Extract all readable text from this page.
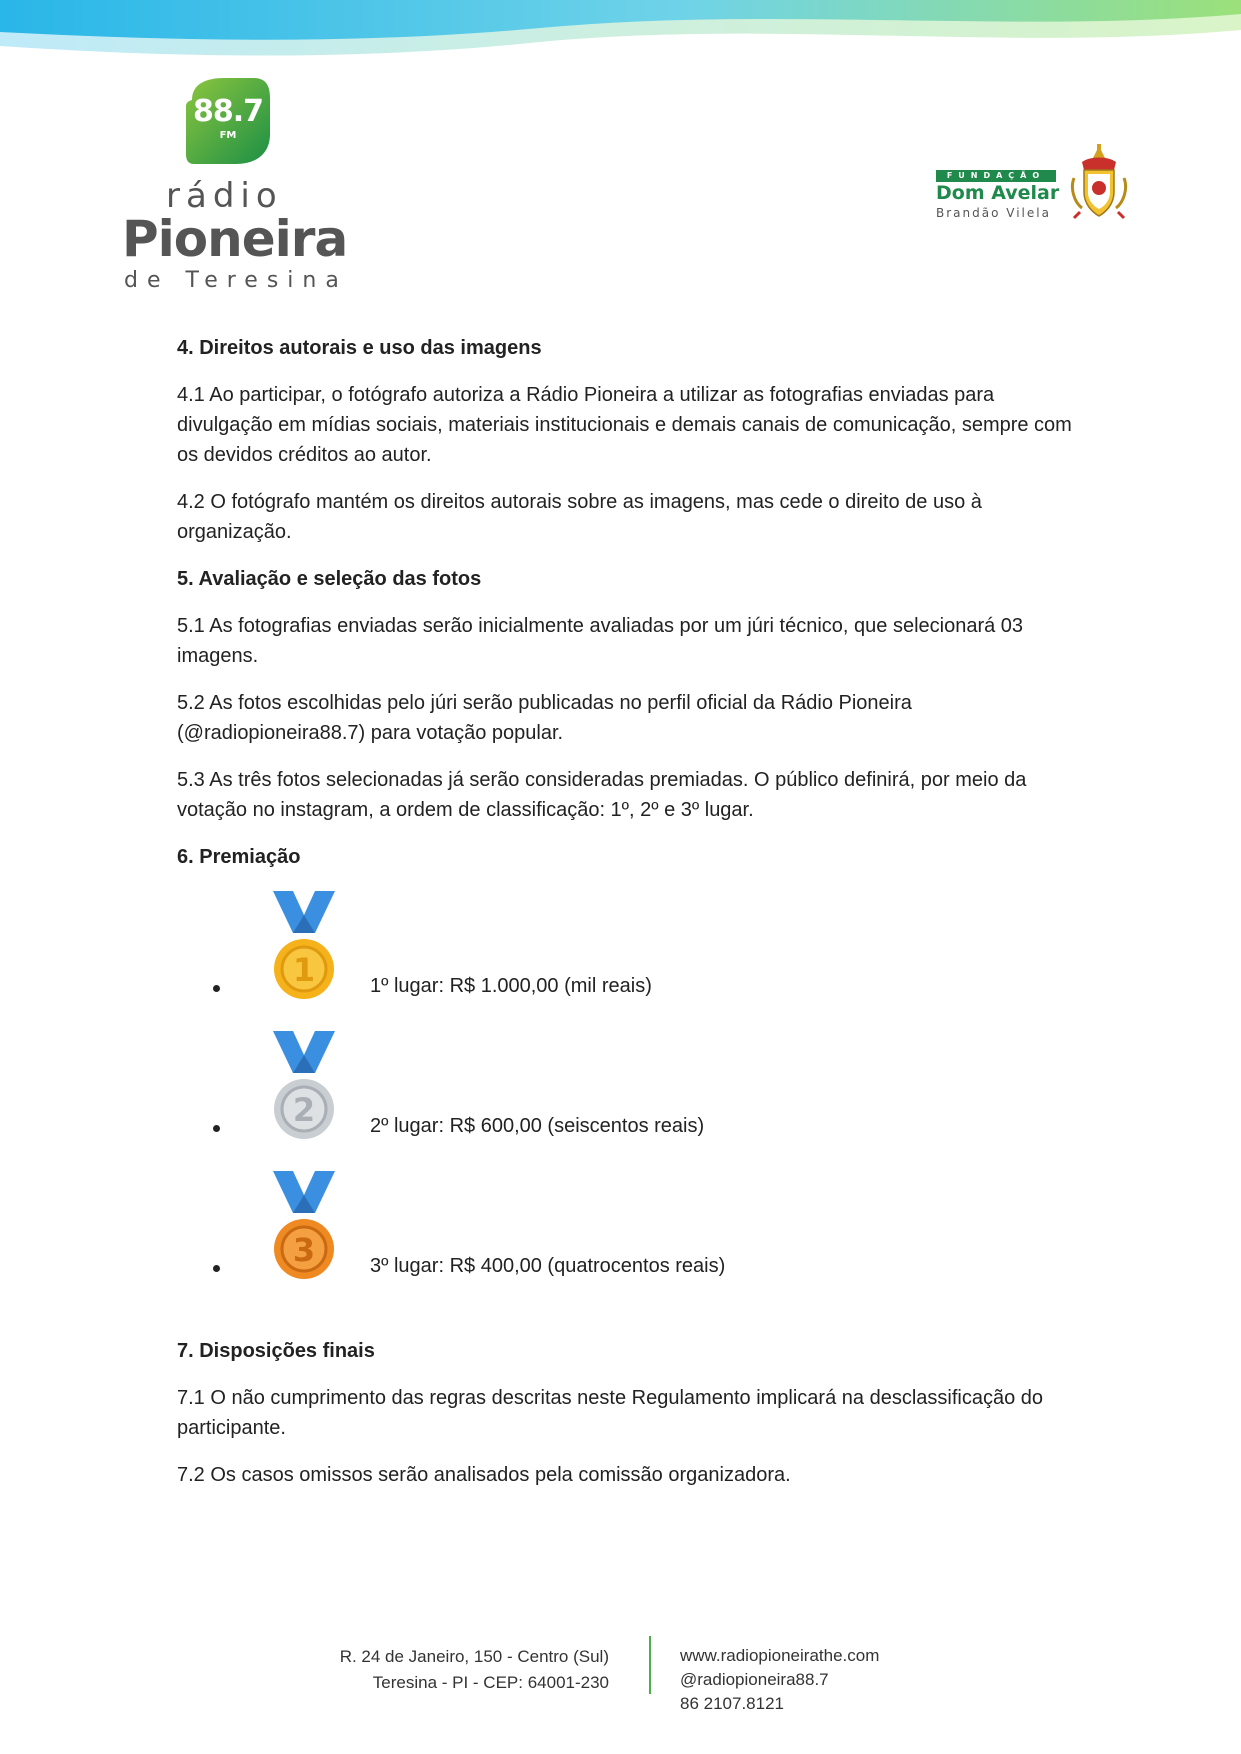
88.7
FM
rádio
Pioneira
de Teresina
FUNDAÇÃO
Dom Avelar
Brandão Vilela
4. Direitos autorais e uso das imagens

4.1 Ao participar, o fotógrafo autoriza a Rádio Pioneira a utilizar as fotografias enviadas para divulgação em mídias sociais, materiais institucionais e demais canais de comunicação, sempre com os devidos créditos ao autor.

4.2 O fotógrafo mantém os direitos autorais sobre as imagens, mas cede o direito de uso à organização.

5. Avaliação e seleção das fotos

5.1 As fotografias enviadas serão inicialmente avaliadas por um júri técnico, que selecionará 03 imagens.

5.2 As fotos escolhidas pelo júri serão publicadas no perfil oficial da Rádio Pioneira (@radiopioneira88.7) para votação popular.

5.3 As três fotos selecionadas já serão consideradas premiadas. O público definirá, por meio da votação no instagram, a ordem de classificação: 1º, 2º e 3º lugar.

6. Premiação
1	1º lugar: R$ 1.000,00 (mil reais)
2	2º lugar: R$ 600,00 (seiscentos reais)
3	3º lugar: R$ 400,00 (quatrocentos reais)
7. Disposições finais

7.1 O não cumprimento das regras descritas neste Regulamento implicará na desclassificação do participante.

7.2 Os casos omissos serão analisados pela comissão organizadora.

R. 24 de Janeiro, 150 - Centro (Sul)
Teresina - PI - CEP: 64001-230
www.radiopioneirathe.com
@radiopioneira88.7
86 2107.8121
